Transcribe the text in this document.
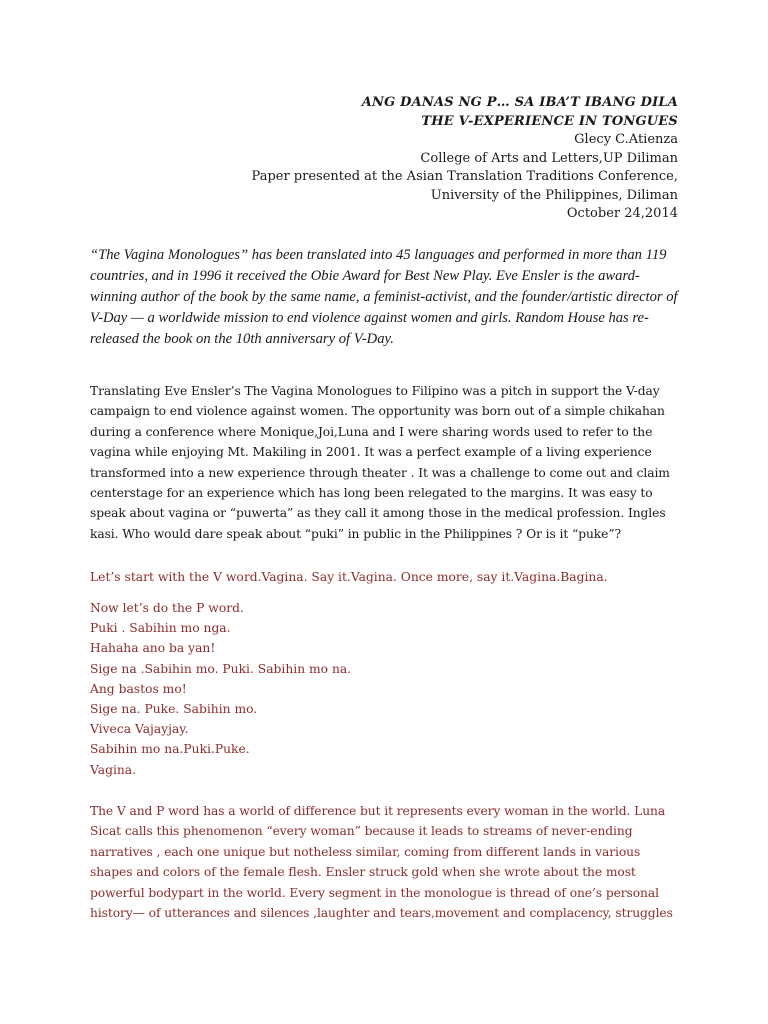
ANG DANAS NG P… SA IBA’T IBANG DILA
THE V-EXPERIENCE IN TONGUES
Glecy C.Atienza
College of Arts and Letters,UP Diliman
Paper presented at the Asian Translation Traditions Conference,
University of the Philippines, Diliman
October 24,2014
“The Vagina Monologues” has been translated into 45 languages and performed in more than 119 countries, and in 1996 it received the Obie Award for Best New Play. Eve Ensler is the award-winning author of the book by the same name, a feminist-activist, and the founder/artistic director of V-Day — a worldwide mission to end violence against women and girls. Random House has re-released the book on the 10th anniversary of V-Day.
Translating Eve Ensler’s The Vagina Monologues to Filipino was a pitch in support the V-day campaign to end violence against women. The opportunity was born out of a simple chikahan during a conference where Monique,Joi,Luna and I were sharing words used to refer to the vagina while enjoying Mt. Makiling in 2001. It was a perfect example of a living experience transformed into a new experience through theater . It was a challenge to come out and claim centerstage for an experience which has long been relegated to the margins. It was easy to speak about vagina or “puwerta” as they call it among those in the medical profession. Ingles kasi. Who would dare speak about “puki” in public in the Philippines ? Or is it “puke”?
Let’s start with the V word.Vagina. Say it.Vagina. Once more, say it.Vagina.Bagina.
Now let’s do the P word.
Puki . Sabihin mo nga.
Hahaha ano ba yan!
Sige na .Sabihin mo. Puki. Sabihin mo na.
Ang bastos mo!
Sige na. Puke. Sabihin mo.
Viveca Vajayjay.
Sabihin mo na.Puki.Puke.
Vagina.
The V and P word has a world of difference but it represents every woman in the world. Luna Sicat calls this phenomenon “every woman” because it leads to streams of never-ending narratives , each one unique but notheless similar, coming from different lands in various shapes and colors of the female flesh. Ensler struck gold when she wrote about the most powerful bodypart in the world. Every segment in the monologue is thread of one’s personal history— of utterances and silences ,laughter and tears,movement and complacency, struggles
